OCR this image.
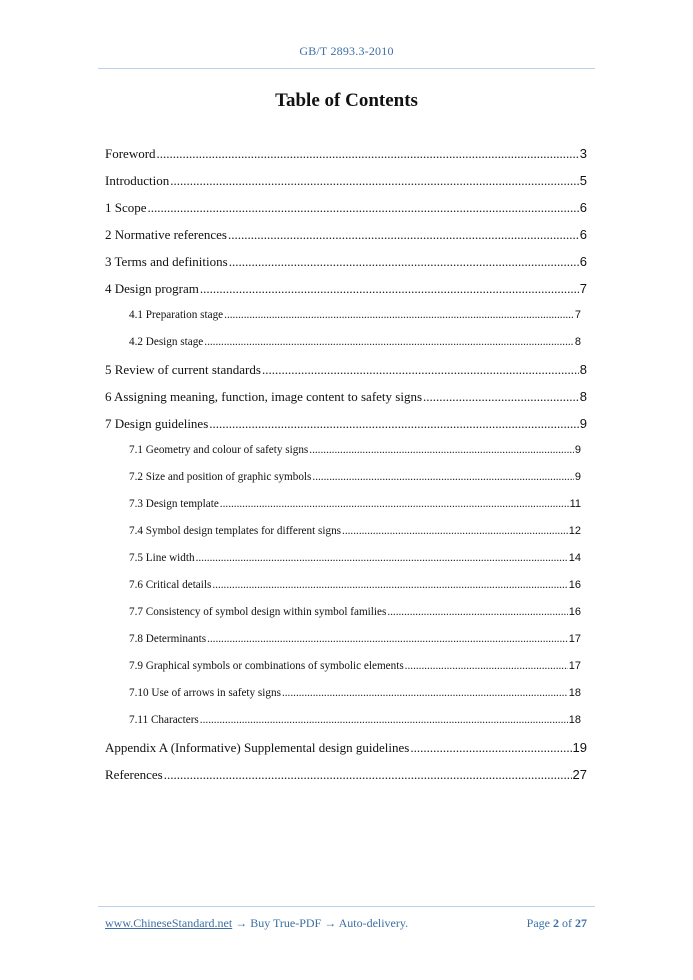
GB/T 2893.3-2010
Table of Contents
Foreword .....	3
Introduction .....	5
1 Scope .....	6
2 Normative references .....	6
3 Terms and definitions .....	6
4 Design program .....	7
4.1 Preparation stage .....	7
4.2 Design stage .....	8
5 Review of current standards .....	8
6 Assigning meaning, function, image content to safety signs .....	8
7 Design guidelines .....	9
7.1 Geometry and colour of safety signs .....	9
7.2 Size and position of graphic symbols .....	9
7.3 Design template .....	11
7.4 Symbol design templates for different signs .....	12
7.5 Line width .....	14
7.6 Critical details .....	16
7.7 Consistency of symbol design within symbol families .....	16
7.8 Determinants .....	17
7.9 Graphical symbols or combinations of symbolic elements .....	17
7.10 Use of arrows in safety signs .....	18
7.11 Characters .....	18
Appendix A (Informative) Supplemental design guidelines .....	19
References .....	27
www.ChineseStandard.net → Buy True-PDF → Auto-delivery.	Page 2 of 27
